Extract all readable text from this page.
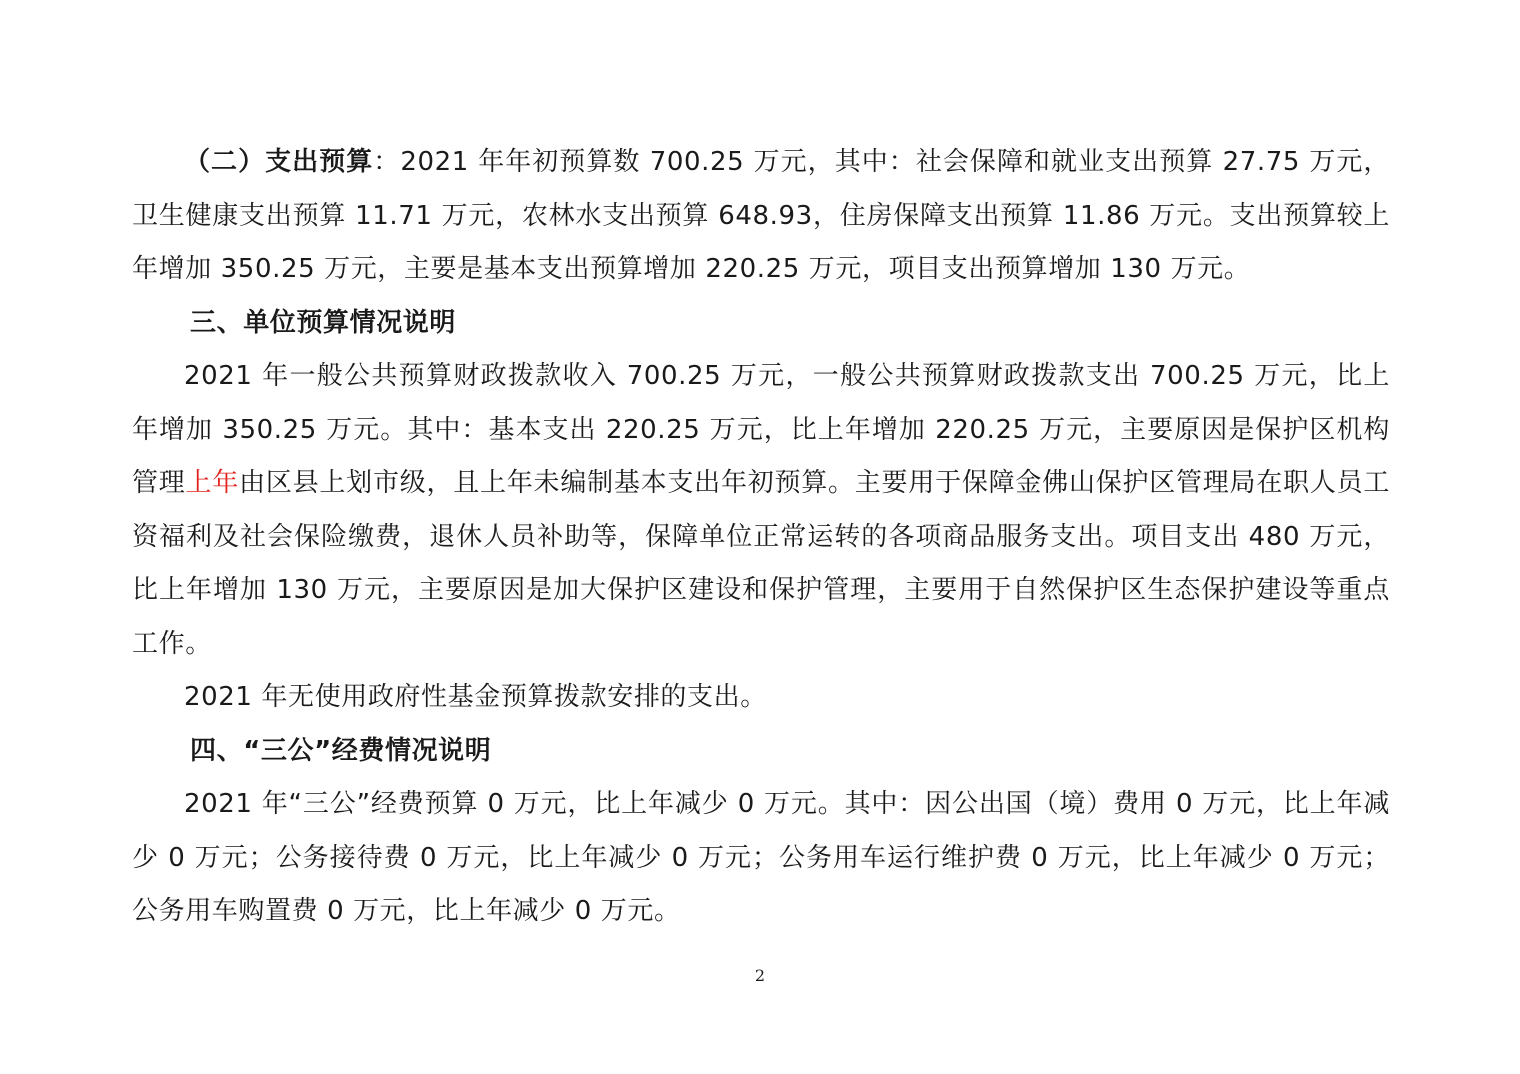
（二）支出预算：2021 年年初预算数 700.25 万元，其中：社会保障和就业支出预算 27.75 万元，卫生健康支出预算 11.71 万元，农林水支出预算 648.93，住房保障支出预算 11.86 万元。支出预算较上年增加 350.25 万元，主要是基本支出预算增加 220.25 万元，项目支出预算增加 130 万元。

三、单位预算情况说明

2021 年一般公共预算财政拨款收入 700.25 万元，一般公共预算财政拨款支出 700.25 万元，比上年增加 350.25 万元。其中：基本支出 220.25 万元，比上年增加 220.25 万元，主要原因是保护区机构管理上年由区县上划市级，且上年未编制基本支出年初预算。主要用于保障金佛山保护区管理局在职人员工资福利及社会保险缴费，退休人员补助等，保障单位正常运转的各项商品服务支出。项目支出 480 万元，比上年增加 130 万元，主要原因是加大保护区建设和保护管理，主要用于自然保护区生态保护建设等重点工作。

2021 年无使用政府性基金预算拨款安排的支出。

四、“三公”经费情况说明

2021 年“三公”经费预算 0 万元，比上年减少 0 万元。其中：因公出国（境）费用 0 万元，比上年减少 0 万元；公务接待费 0 万元，比上年减少 0 万元；公务用车运行维护费 0 万元，比上年减少 0 万元；公务用车购置费 0 万元，比上年减少 0 万元。

2
